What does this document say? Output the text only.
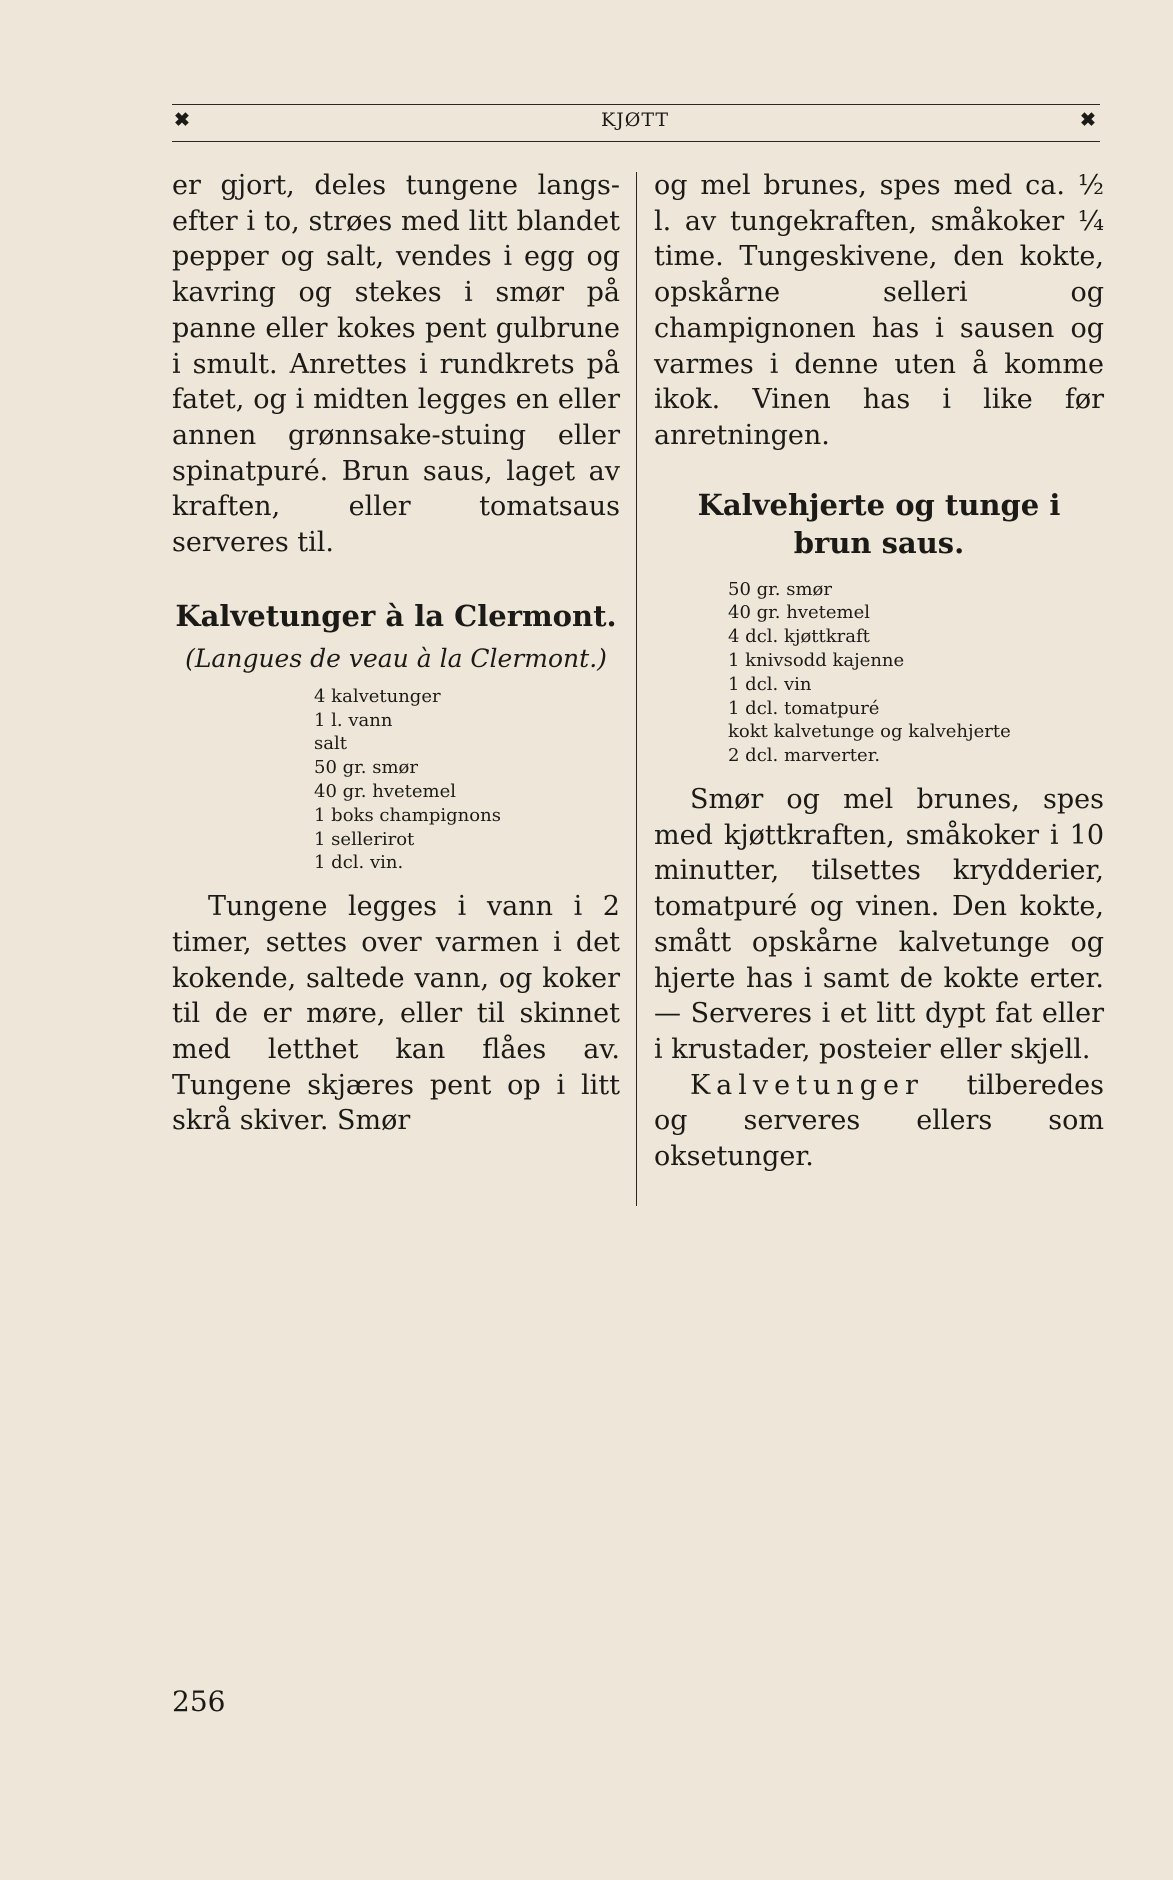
✖	KJØTT	✖

er gjort, deles tungene langs-efter i to, strøes med litt blandet pepper og salt, vendes i egg og kavring og stekes i smør på panne eller kokes pent gulbrune i smult. Anrettes i rundkrets på fatet, og i midten legges en eller annen grønnsake-stuing eller spinatpuré. Brun saus, laget av kraften, eller tomatsaus serveres til.

Kalvetunger à la Clermont.

(Langues de veau à la Clermont.)

4 kalvetunger
1 l. vann
salt
50 gr. smør
40 gr. hvetemel
1 boks champignons
1 sellerirot
1 dcl. vin.

Tungene legges i vann i 2 timer, settes over varmen i det kokende, saltede vann, og koker til de er møre, eller til skinnet med letthet kan flåes av. Tungene skjæres pent op i litt skrå skiver. Smør

og mel brunes, spes med ca. ½ l. av tungekraften, småkoker ¼ time. Tungeskivene, den kokte, opskårne selleri og champignonen has i sausen og varmes i denne uten å komme ikok. Vinen has i like før anretningen.

Kalvehjerte og tunge i brun saus.
50 gr. smør
40 gr. hvetemel
4 dcl. kjøttkraft
1 knivsodd kajenne
1 dcl. vin
1 dcl. tomatpuré
kokt kalvetunge og kalvehjerte
2 dcl. marverter.

Smør og mel brunes, spes med kjøttkraften, småkoker i 10 minutter, tilsettes krydderier, tomatpuré og vinen. Den kokte, smått opskårne kalvetunge og hjerte has i samt de kokte erter. — Serveres i et litt dypt fat eller i krustader, posteier eller skjell.

Kalvetunger tilberedes og serveres ellers som oksetunger.

256
